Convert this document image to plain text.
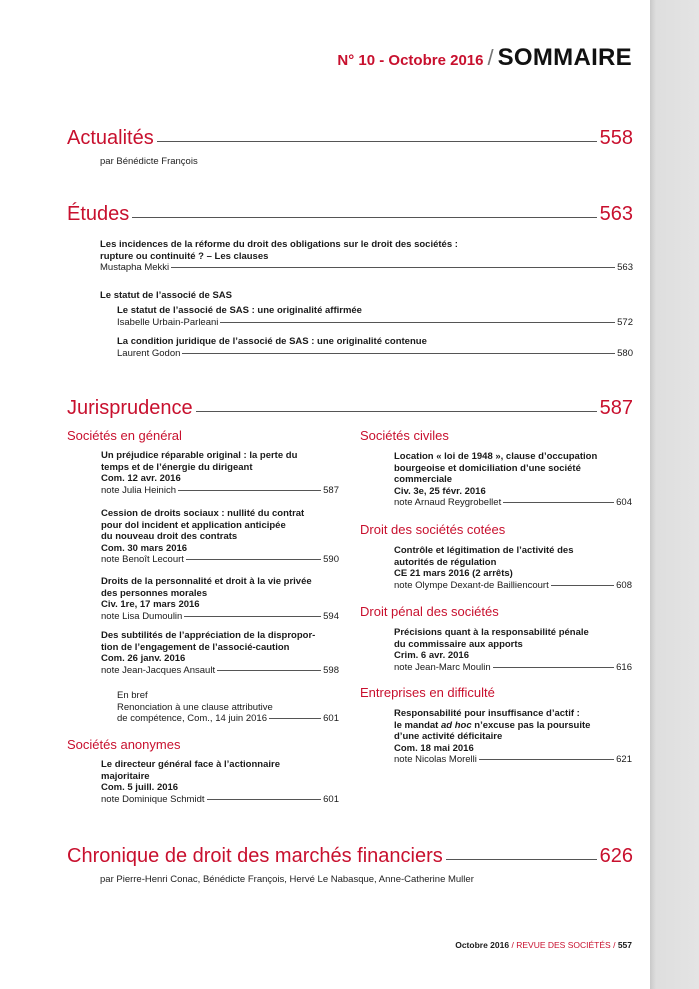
N° 10 - Octobre 2016 / SOMMAIRE
Actualités	558
par Bénédicte François
Études	563
Les incidences de la réforme du droit des obligations sur le droit des sociétés :
rupture ou continuité ? – Les clauses
Mustapha Mekki	563
Le statut de l’associé de SAS
Le statut de l’associé de SAS : une originalité affirmée
Isabelle Urbain-Parleani	572
La condition juridique de l’associé de SAS : une originalité contenue
Laurent Godon	580
Jurisprudence	587
Sociétés en général
Un préjudice réparable original : la perte du
temps et de l’énergie du dirigeant
Com. 12 avr. 2016
note Julia Heinich	587
Cession de droits sociaux : nullité du contrat
pour dol incident et application anticipée
du nouveau droit des contrats
Com. 30 mars 2016
note Benoît Lecourt	590
Droits de la personnalité et droit à la vie privée
des personnes morales
Civ. 1re, 17 mars 2016
note Lisa Dumoulin	594
Des subtilités de l’appréciation de la dispropor-
tion de l’engagement de l’associé-caution
Com. 26 janv. 2016
note Jean-Jacques Ansault	598
En bref
Renonciation à une clause attributive
de compétence, Com., 14 juin 2016	601
Sociétés anonymes
Le directeur général face à l’actionnaire
majoritaire
Com. 5 juill. 2016
note Dominique Schmidt	601
Sociétés civiles
Location « loi de 1948 », clause d’occupation
bourgeoise et domiciliation d’une société
commerciale
Civ. 3e, 25 févr. 2016
note Arnaud Reygrobellet	604
Droit des sociétés cotées
Contrôle et légitimation de l’activité des
autorités de régulation
CE 21 mars 2016 (2 arrêts)
note Olympe Dexant-de Bailliencourt	608
Droit pénal des sociétés
Précisions quant à la responsabilité pénale
du commissaire aux apports
Crim. 6 avr. 2016
note Jean-Marc Moulin	616
Entreprises en difficulté
Responsabilité pour insuffisance d’actif :
le mandat ad hoc n’excuse pas la poursuite
d’une activité déficitaire
Com. 18 mai 2016
note Nicolas Morelli	621
Chronique de droit des marchés financiers	626
par Pierre-Henri Conac, Bénédicte François, Hervé Le Nabasque, Anne-Catherine Muller
Octobre 2016 / REVUE DES SOCIÉTÉS / 557
